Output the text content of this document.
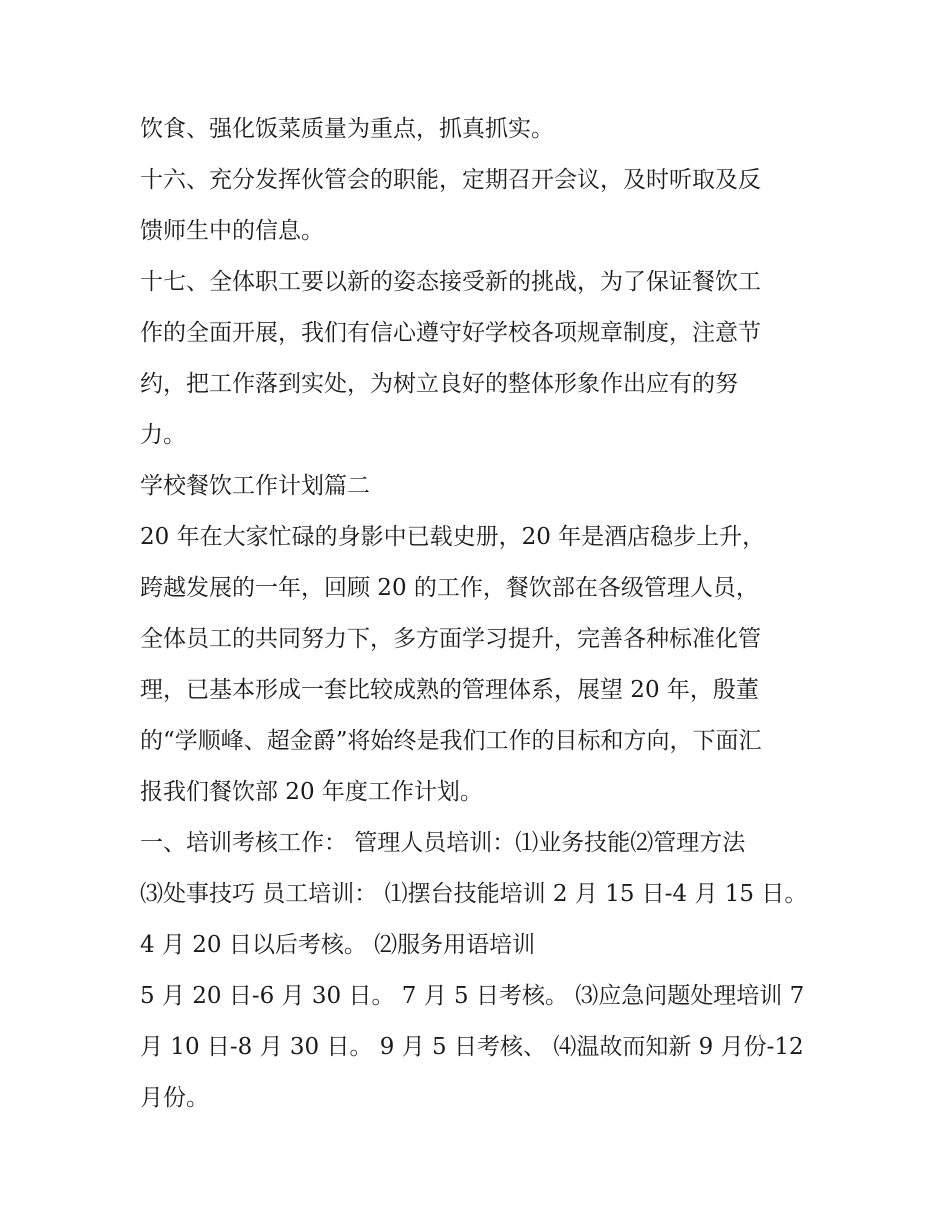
饮食、强化饭菜质量为重点，抓真抓实。
十六、充分发挥伙管会的职能，定期召开会议，及时听取及反
馈师生中的信息。
十七、全体职工要以新的姿态接受新的挑战，为了保证餐饮工
作的全面开展，我们有信心遵守好学校各项规章制度，注意节
约，把工作落到实处，为树立良好的整体形象作出应有的努
力。
学校餐饮工作计划篇二
20 年在大家忙碌的身影中已载史册，20 年是酒店稳步上升，
跨越发展的一年，回顾 20 的工作，餐饮部在各级管理人员，
全体员工的共同努力下，多方面学习提升，完善各种标准化管
理，已基本形成一套比较成熟的管理体系，展望 20 年，殷董
的“学顺峰、超金爵”将始终是我们工作的目标和方向，下面汇
报我们餐饮部 20 年度工作计划。
一、培训考核工作： 管理人员培训：⑴业务技能⑵管理方法
⑶处事技巧 员工培训： ⑴摆台技能培训 2 月 15 日-4 月 15 日。
4 月 20 日以后考核。 ⑵服务用语培训
5 月 20 日-6 月 30 日。 7 月 5 日考核。 ⑶应急问题处理培训 7
月 10 日-8 月 30 日。 9 月 5 日考核、 ⑷温故而知新 9 月份-12
月份。
